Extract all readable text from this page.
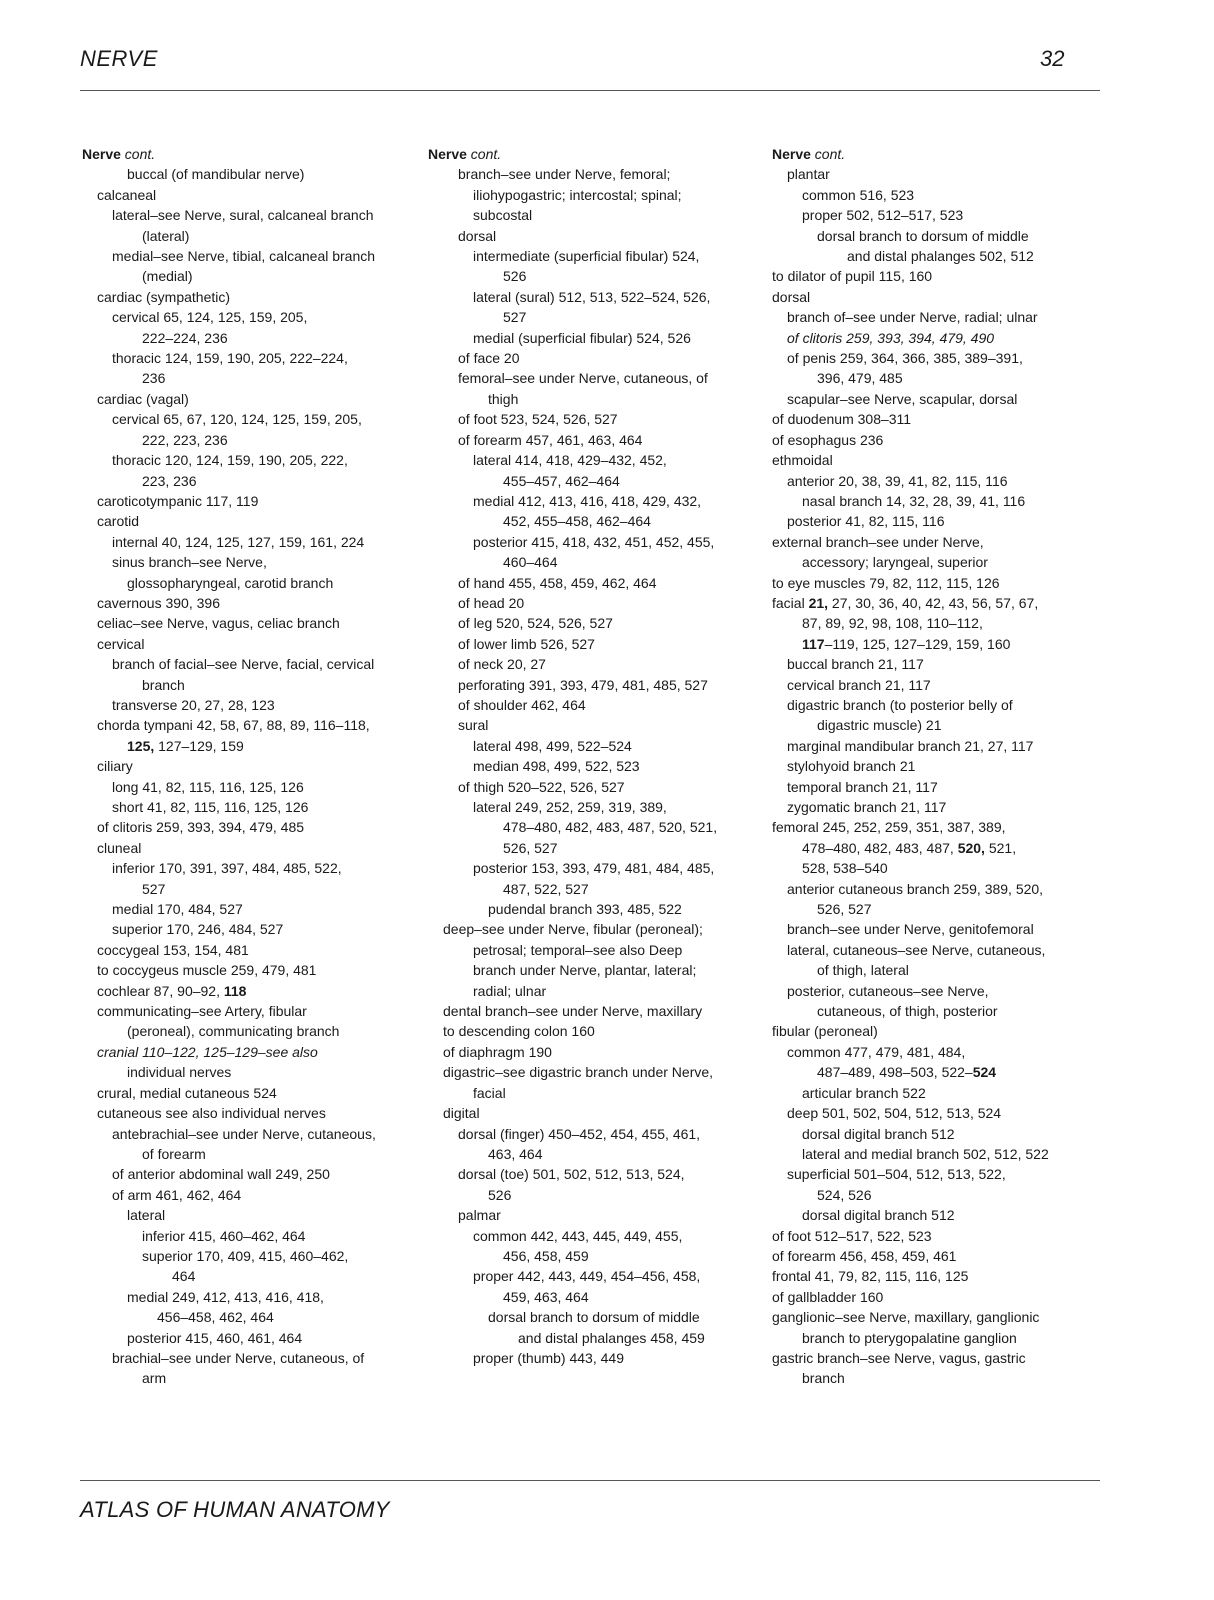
NERVE	32
Nerve cont.
buccal (of mandibular nerve)
calcaneal
lateral–see Nerve, sural, calcaneal branch
(lateral)
medial–see Nerve, tibial, calcaneal branch
(medial)
cardiac (sympathetic)
cervical 65, 124, 125, 159, 205,
222–224, 236
thoracic 124, 159, 190, 205, 222–224,
236
cardiac (vagal)
cervical 65, 67, 120, 124, 125, 159, 205,
222, 223, 236
thoracic 120, 124, 159, 190, 205, 222,
223, 236
caroticotympanic 117, 119
carotid
internal 40, 124, 125, 127, 159, 161, 224
sinus branch–see Nerve,
glossopharyngeal, carotid branch
cavernous 390, 396
celiac–see Nerve, vagus, celiac branch
cervical
branch of facial–see Nerve, facial, cervical
branch
transverse 20, 27, 28, 123
chorda tympani 42, 58, 67, 88, 89, 116–118,
125, 127–129, 159
ciliary
long 41, 82, 115, 116, 125, 126
short 41, 82, 115, 116, 125, 126
of clitoris 259, 393, 394, 479, 485
cluneal
inferior 170, 391, 397, 484, 485, 522,
527
medial 170, 484, 527
superior 170, 246, 484, 527
coccygeal 153, 154, 481
to coccygeus muscle 259, 479, 481
cochlear 87, 90–92, 118
communicating–see Artery, fibular
(peroneal), communicating branch
cranial 110–122, 125–129–see also
individual nerves
crural, medial cutaneous 524
cutaneous see also individual nerves
antebrachial–see under Nerve, cutaneous,
of forearm
of anterior abdominal wall 249, 250
of arm 461, 462, 464
lateral
inferior 415, 460–462, 464
superior 170, 409, 415, 460–462,
464
medial 249, 412, 413, 416, 418,
456–458, 462, 464
posterior 415, 460, 461, 464
brachial–see under Nerve, cutaneous, of
arm
Nerve cont.
branch–see under Nerve, femoral;
iliohypogastric; intercostal; spinal;
subcostal
dorsal
intermediate (superficial fibular) 524,
526
lateral (sural) 512, 513, 522–524, 526,
527
medial (superficial fibular) 524, 526
of face 20
femoral–see under Nerve, cutaneous, of
thigh
of foot 523, 524, 526, 527
of forearm 457, 461, 463, 464
lateral 414, 418, 429–432, 452,
455–457, 462–464
medial 412, 413, 416, 418, 429, 432,
452, 455–458, 462–464
posterior 415, 418, 432, 451, 452, 455,
460–464
of hand 455, 458, 459, 462, 464
of head 20
of leg 520, 524, 526, 527
of lower limb 526, 527
of neck 20, 27
perforating 391, 393, 479, 481, 485, 527
of shoulder 462, 464
sural
lateral 498, 499, 522–524
median 498, 499, 522, 523
of thigh 520–522, 526, 527
lateral 249, 252, 259, 319, 389,
478–480, 482, 483, 487, 520, 521,
526, 527
posterior 153, 393, 479, 481, 484, 485,
487, 522, 527
pudendal branch 393, 485, 522
deep–see under Nerve, fibular (peroneal);
petrosal; temporal–see also Deep
branch under Nerve, plantar, lateral;
radial; ulnar
dental branch–see under Nerve, maxillary
to descending colon 160
of diaphragm 190
digastric–see digastric branch under Nerve,
facial
digital
dorsal (finger) 450–452, 454, 455, 461,
463, 464
dorsal (toe) 501, 502, 512, 513, 524,
526
palmar
common 442, 443, 445, 449, 455,
456, 458, 459
proper 442, 443, 449, 454–456, 458,
459, 463, 464
dorsal branch to dorsum of middle
and distal phalanges 458, 459
proper (thumb) 443, 449
Nerve cont.
plantar
common 516, 523
proper 502, 512–517, 523
dorsal branch to dorsum of middle
and distal phalanges 502, 512
to dilator of pupil 115, 160
dorsal
branch of–see under Nerve, radial; ulnar
of clitoris 259, 393, 394, 479, 490
of penis 259, 364, 366, 385, 389–391,
396, 479, 485
scapular–see Nerve, scapular, dorsal
of duodenum 308–311
of esophagus 236
ethmoidal
anterior 20, 38, 39, 41, 82, 115, 116
nasal branch 14, 32, 28, 39, 41, 116
posterior 41, 82, 115, 116
external branch–see under Nerve,
accessory; laryngeal, superior
to eye muscles 79, 82, 112, 115, 126
facial 21, 27, 30, 36, 40, 42, 43, 56, 57, 67,
87, 89, 92, 98, 108, 110–112,
117–119, 125, 127–129, 159, 160
buccal branch 21, 117
cervical branch 21, 117
digastric branch (to posterior belly of
digastric muscle) 21
marginal mandibular branch 21, 27, 117
stylohyoid branch 21
temporal branch 21, 117
zygomatic branch 21, 117
femoral 245, 252, 259, 351, 387, 389,
478–480, 482, 483, 487, 520, 521,
528, 538–540
anterior cutaneous branch 259, 389, 520,
526, 527
branch–see under Nerve, genitofemoral
lateral, cutaneous–see Nerve, cutaneous,
of thigh, lateral
posterior, cutaneous–see Nerve,
cutaneous, of thigh, posterior
fibular (peroneal)
common 477, 479, 481, 484,
487–489, 498–503, 522–524
articular branch 522
deep 501, 502, 504, 512, 513, 524
dorsal digital branch 512
lateral and medial branch 502, 512, 522
superficial 501–504, 512, 513, 522,
524, 526
dorsal digital branch 512
of foot 512–517, 522, 523
of forearm 456, 458, 459, 461
frontal 41, 79, 82, 115, 116, 125
of gallbladder 160
ganglionic–see Nerve, maxillary, ganglionic
branch to pterygopalatine ganglion
gastric branch–see Nerve, vagus, gastric
branch
ATLAS OF HUMAN ANATOMY
